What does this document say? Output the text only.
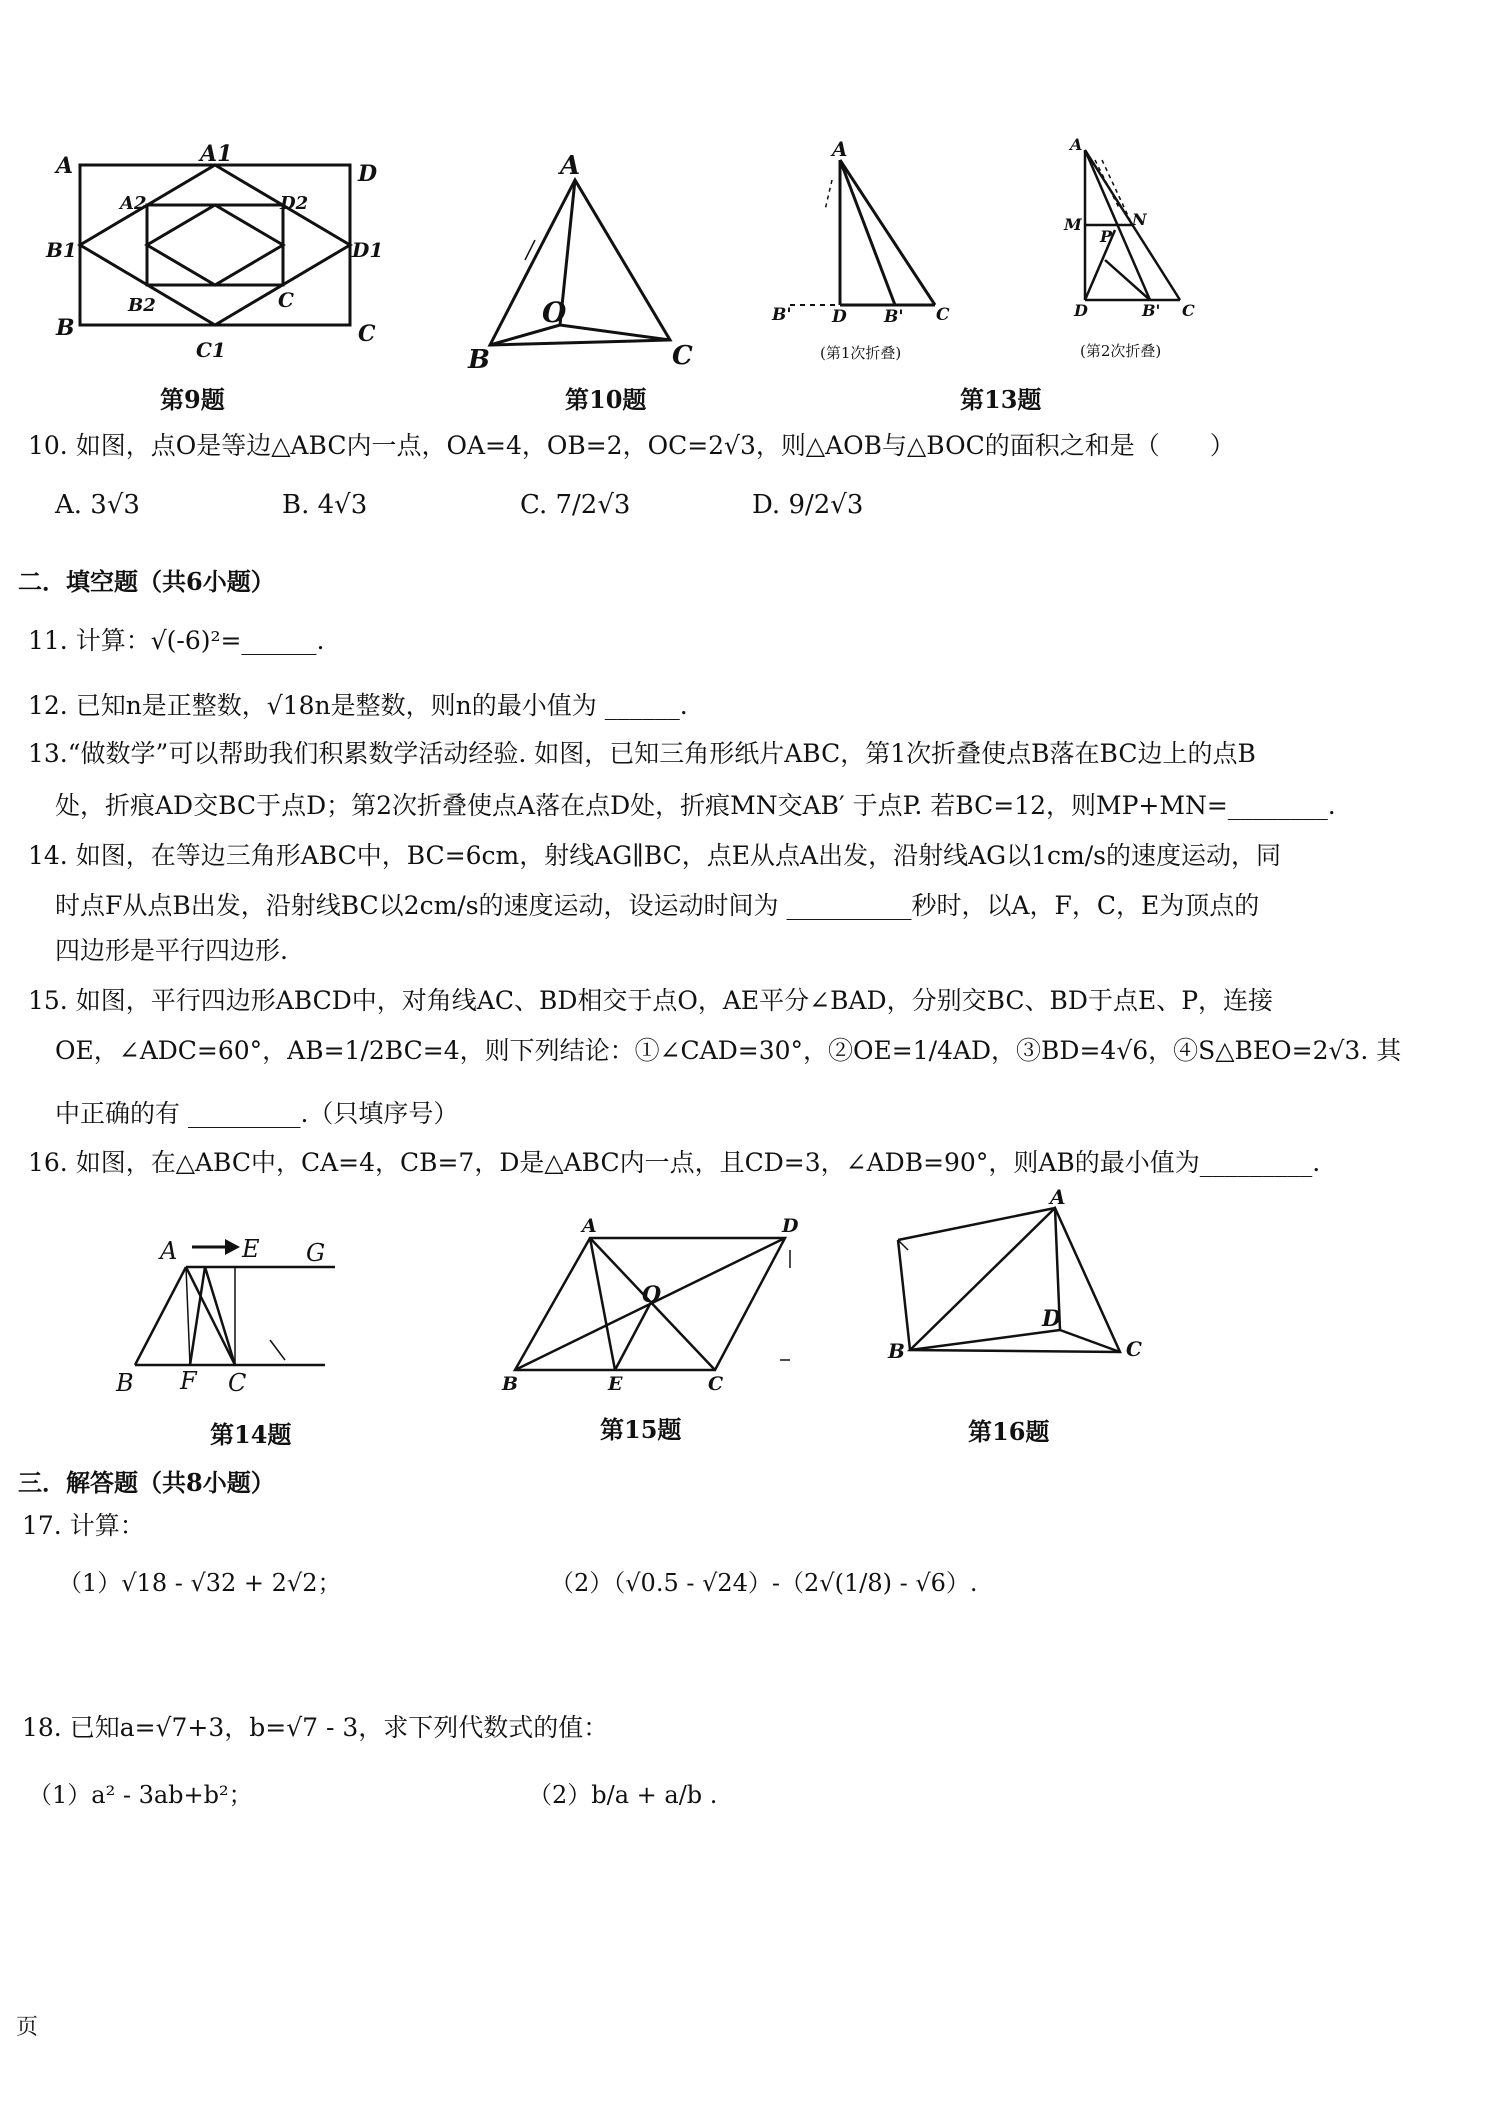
A	A1
D
A2	D2
B1	D1
B
B2	C
C1
C
A
O
B	C
A
B' D B' C
(第1次折叠)
A
M	N
P
D	B' C
(第2次折叠)
第9题	第10题	第13题
10. 如图，点O是等边△ABC内一点，OA=4，OB=2，OC=2√3，则△AOB与△BOC的面积之和是（　　）
A. 3√3	B. 4√3	C. 7/2√3	D. 9/2√3
二．填空题（共6小题）
11. 计算：√(-6)²=______.
12. 已知n是正整数，√18n是整数，则n的最小值为 ______.
13.“做数学”可以帮助我们积累数学活动经验. 如图，已知三角形纸片ABC，第1次折叠使点B落在BC边上的点B
处，折痕AD交BC于点D；第2次折叠使点A落在点D处，折痕MN交AB′ 于点P. 若BC=12，则MP+MN=________.
14. 如图，在等边三角形ABC中，BC=6cm，射线AG∥BC，点E从点A出发，沿射线AG以1cm/s的速度运动，同
时点F从点B出发，沿射线BC以2cm/s的速度运动，设运动时间为 __________秒时，以A，F，C，E为顶点的
四边形是平行四边形.
15. 如图，平行四边形ABCD中，对角线AC、BD相交于点O，AE平分∠BAD，分别交BC、BD于点E、P，连接
OE，∠ADC=60°，AB=1/2BC=4，则下列结论：①∠CAD=30°，②OE=1/4AD，③BD=4√6，④S△BEO=2√3. 其
中正确的有 _________.（只填序号）
16. 如图，在△ABC中，CA=4，CB=7，D是△ABC内一点，且CD=3，∠ADB=90°，则AB的最小值为_________.
A	E G
B F C
A	D
O
B	E	C
A
D
B	C
第14题	第15题	第16题
三．解答题（共8小题）
17. 计算：
（1）√18 - √32 + 2√2；	（2）（√0.5 - √24）-（2√(1/8) - √6）.
18. 已知a=√7+3，b=√7 - 3，求下列代数式的值：
（1）a² - 3ab+b²；	（2）b/a + a/b .
页
